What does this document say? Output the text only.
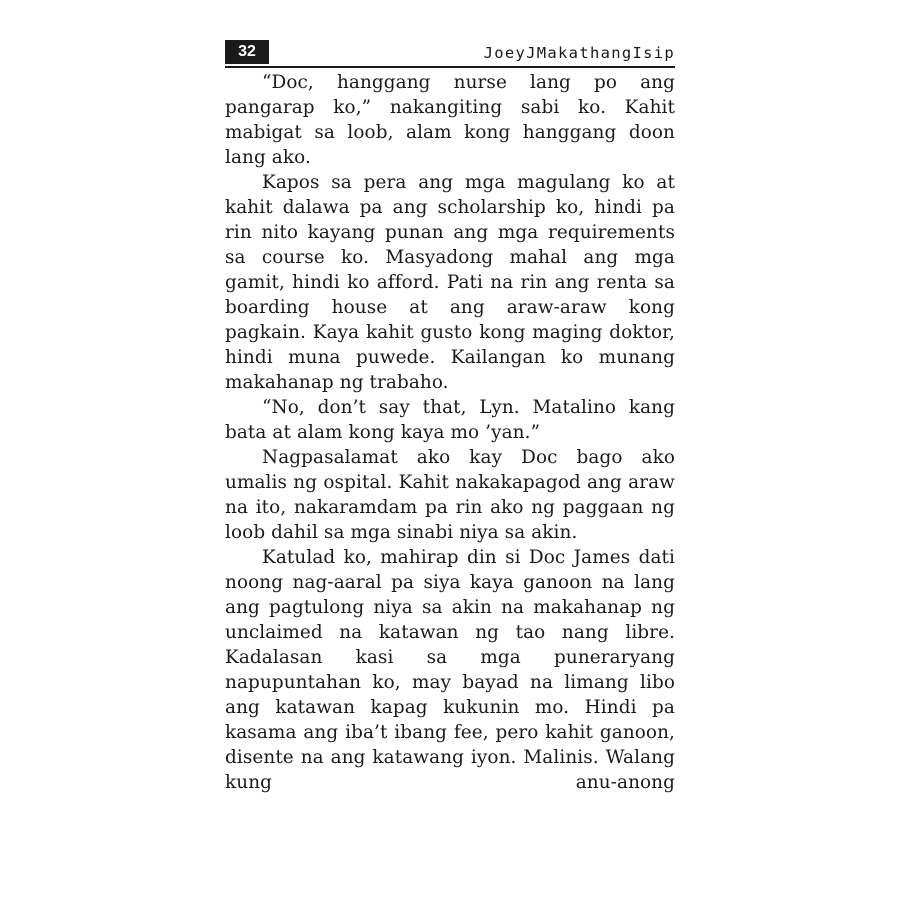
32	JoeyJMakathangIsip

“Doc, hanggang nurse lang po ang pangarap ko,” nakangiting sabi ko. Kahit mabigat sa loob, alam kong hanggang doon lang ako.

Kapos sa pera ang mga magulang ko at kahit dalawa pa ang scholarship ko, hindi pa rin nito kayang punan ang mga requirements sa course ko. Masyadong mahal ang mga gamit, hindi ko afford. Pati na rin ang renta sa boarding house at ang araw-araw kong pagkain. Kaya kahit gusto kong maging doktor, hindi muna puwede. Kailangan ko munang makahanap ng trabaho.

“No, don’t say that, Lyn. Matalino kang bata at alam kong kaya mo ’yan.”

Nagpasalamat ako kay Doc bago ako umalis ng ospital. Kahit nakakapagod ang araw na ito, nakaramdam pa rin ako ng paggaan ng loob dahil sa mga sinabi niya sa akin.

Katulad ko, mahirap din si Doc James dati noong nag-aaral pa siya kaya ganoon na lang ang pagtulong niya sa akin na makahanap ng unclaimed na katawan ng tao nang libre. Kadalasan kasi sa mga puneraryang napupuntahan ko, may bayad na limang libo ang katawan kapag kukunin mo. Hindi pa kasama ang iba’t ibang fee, pero kahit ganoon, disente na ang katawang iyon. Malinis. Walang kung anu-anong
